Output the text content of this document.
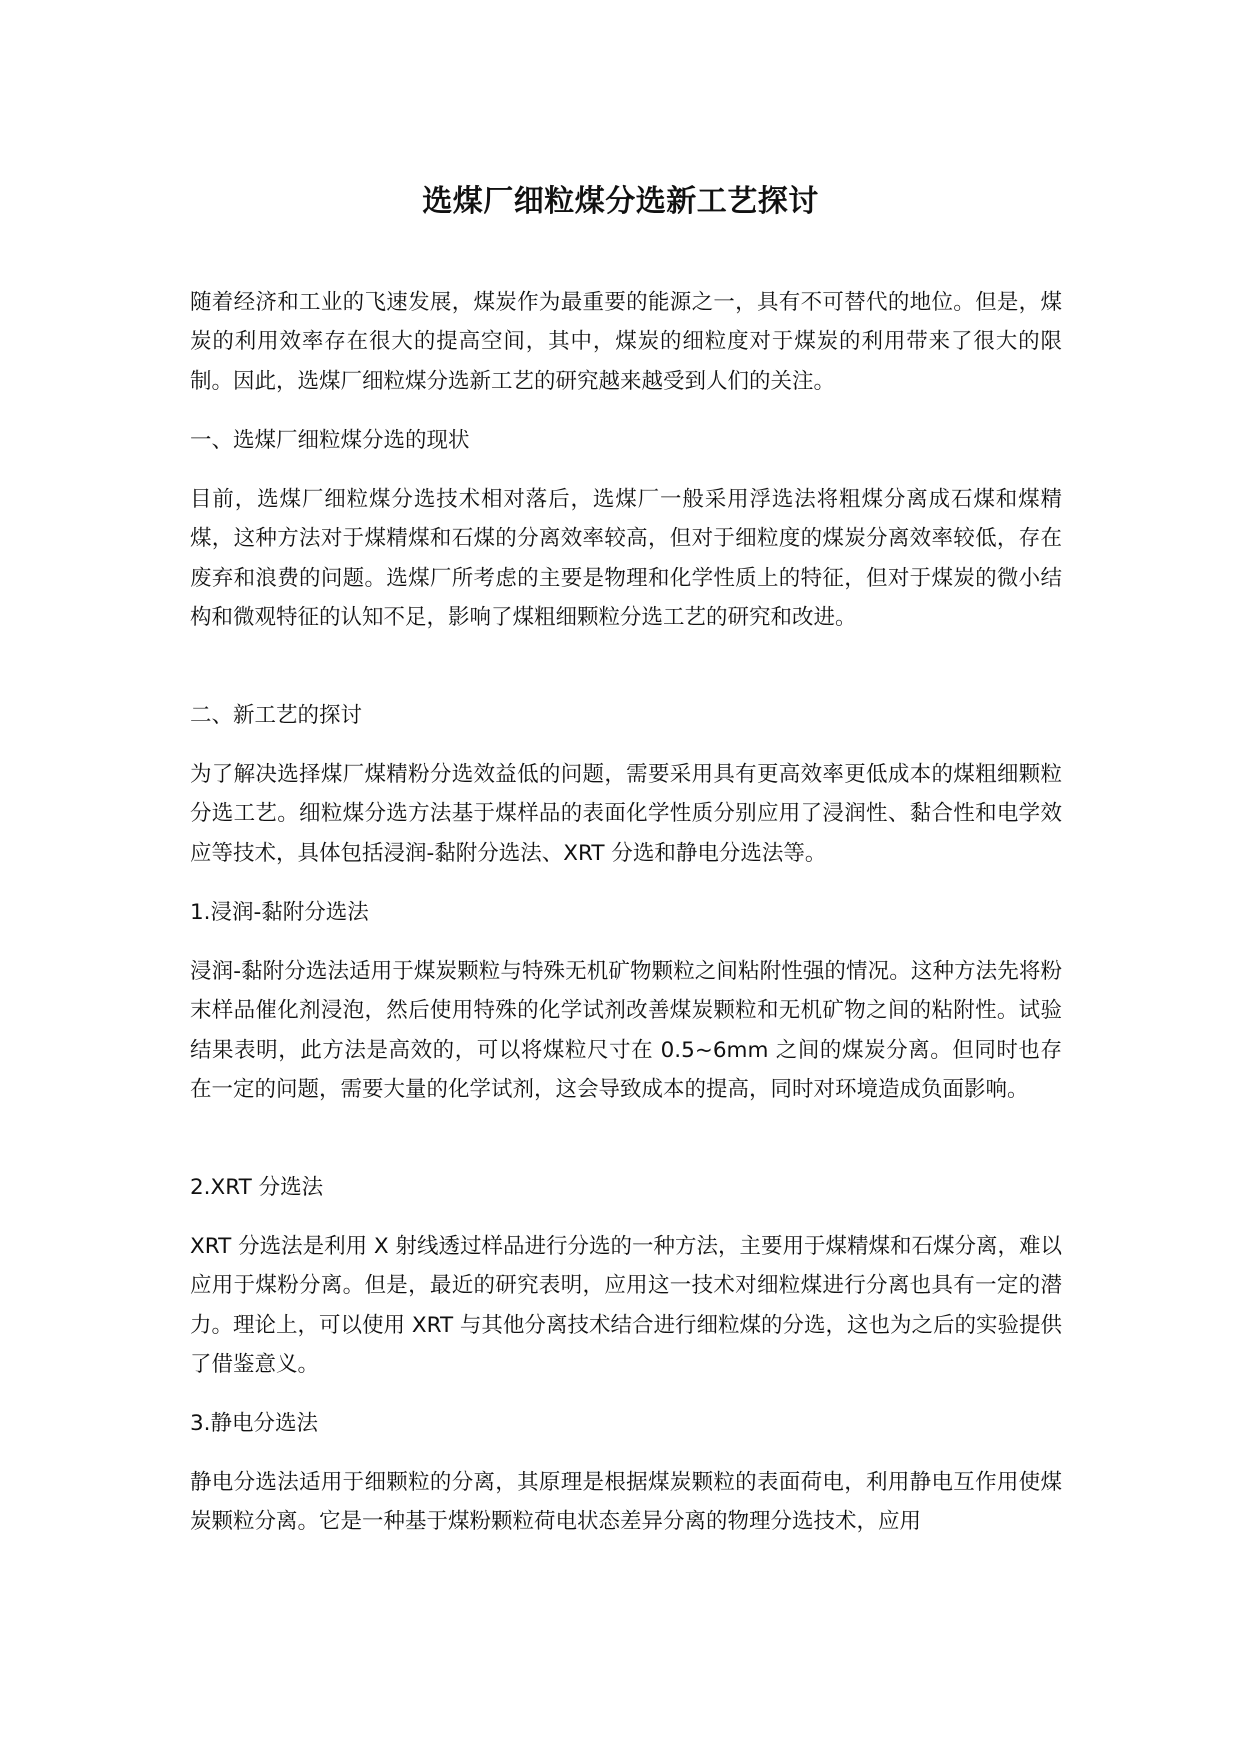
选煤厂细粒煤分选新工艺探讨

随着经济和工业的飞速发展，煤炭作为最重要的能源之一，具有不可替代的地位。但是，煤炭的利用效率存在很大的提高空间，其中，煤炭的细粒度对于煤炭的利用带来了很大的限制。因此，选煤厂细粒煤分选新工艺的研究越来越受到人们的关注。

一、选煤厂细粒煤分选的现状

目前，选煤厂细粒煤分选技术相对落后，选煤厂一般采用浮选法将粗煤分离成石煤和煤精煤，这种方法对于煤精煤和石煤的分离效率较高，但对于细粒度的煤炭分离效率较低，存在废弃和浪费的问题。选煤厂所考虑的主要是物理和化学性质上的特征，但对于煤炭的微小结构和微观特征的认知不足，影响了煤粗细颗粒分选工艺的研究和改进。

二、新工艺的探讨

为了解决选择煤厂煤精粉分选效益低的问题，需要采用具有更高效率更低成本的煤粗细颗粒分选工艺。细粒煤分选方法基于煤样品的表面化学性质分别应用了浸润性、黏合性和电学效应等技术，具体包括浸润-黏附分选法、XRT 分选和静电分选法等。

1.浸润-黏附分选法

浸润-黏附分选法适用于煤炭颗粒与特殊无机矿物颗粒之间粘附性强的情况。这种方法先将粉末样品催化剂浸泡，然后使用特殊的化学试剂改善煤炭颗粒和无机矿物之间的粘附性。试验结果表明，此方法是高效的，可以将煤粒尺寸在 0.5~6mm 之间的煤炭分离。但同时也存在一定的问题，需要大量的化学试剂，这会导致成本的提高，同时对环境造成负面影响。

2.XRT 分选法

XRT 分选法是利用 X 射线透过样品进行分选的一种方法，主要用于煤精煤和石煤分离，难以应用于煤粉分离。但是，最近的研究表明，应用这一技术对细粒煤进行分离也具有一定的潜力。理论上，可以使用 XRT 与其他分离技术结合进行细粒煤的分选，这也为之后的实验提供了借鉴意义。

3.静电分选法

静电分选法适用于细颗粒的分离，其原理是根据煤炭颗粒的表面荷电，利用静电互作用使煤炭颗粒分离。它是一种基于煤粉颗粒荷电状态差异分离的物理分选技术，应用
